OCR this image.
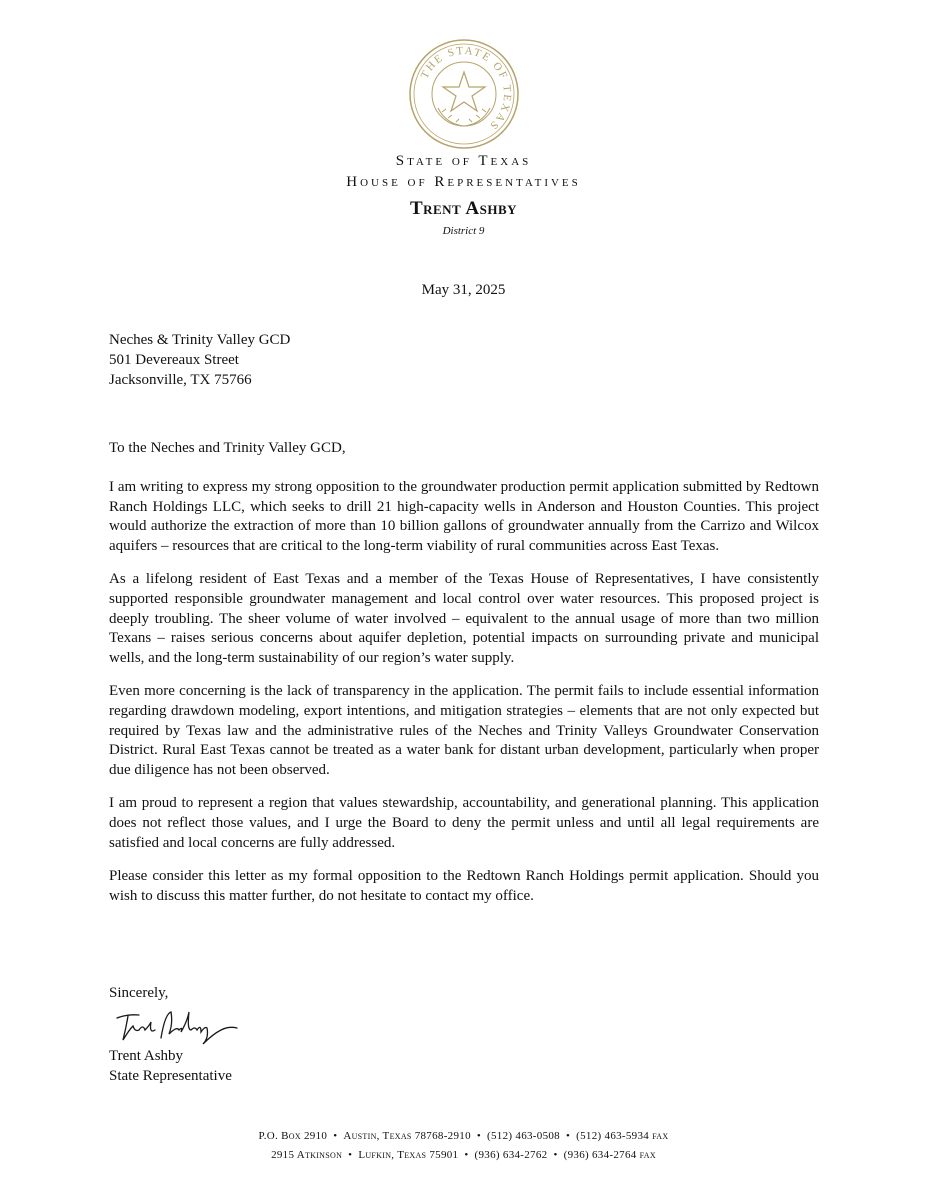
THE STATE OF TEXAS
State of Texas
House of Representatives
Trent Ashby
District 9
May 31, 2025
Neches & Trinity Valley GCD
501 Devereaux Street
Jacksonville, TX 75766
To the Neches and Trinity Valley GCD,

I am writing to express my strong opposition to the groundwater production permit application submitted by Redtown Ranch Holdings LLC, which seeks to drill 21 high-capacity wells in Anderson and Houston Counties. This project would authorize the extraction of more than 10 billion gallons of groundwater annually from the Carrizo and Wilcox aquifers – resources that are critical to the long-term viability of rural communities across East Texas.

As a lifelong resident of East Texas and a member of the Texas House of Representatives, I have consistently supported responsible groundwater management and local control over water resources. This proposed project is deeply troubling. The sheer volume of water involved – equivalent to the annual usage of more than two million Texans – raises serious concerns about aquifer depletion, potential impacts on surrounding private and municipal wells, and the long-term sustainability of our region’s water supply.

Even more concerning is the lack of transparency in the application. The permit fails to include essential information regarding drawdown modeling, export intentions, and mitigation strategies – elements that are not only expected but required by Texas law and the administrative rules of the Neches and Trinity Valleys Groundwater Conservation District. Rural East Texas cannot be treated as a water bank for distant urban development, particularly when proper due diligence has not been observed.

I am proud to represent a region that values stewardship, accountability, and generational planning. This application does not reflect those values, and I urge the Board to deny the permit unless and until all legal requirements are satisfied and local concerns are fully addressed.

Please consider this letter as my formal opposition to the Redtown Ranch Holdings permit application. Should you wish to discuss this matter further, do not hesitate to contact my office.

Sincerely,
Trent Ashby
State Representative
P.O. Box 2910 • Austin, Texas 78768-2910 • (512) 463-0508 • (512) 463-5934 fax
2915 Atkinson • Lufkin, Texas 75901 • (936) 634-2762 • (936) 634-2764 fax
